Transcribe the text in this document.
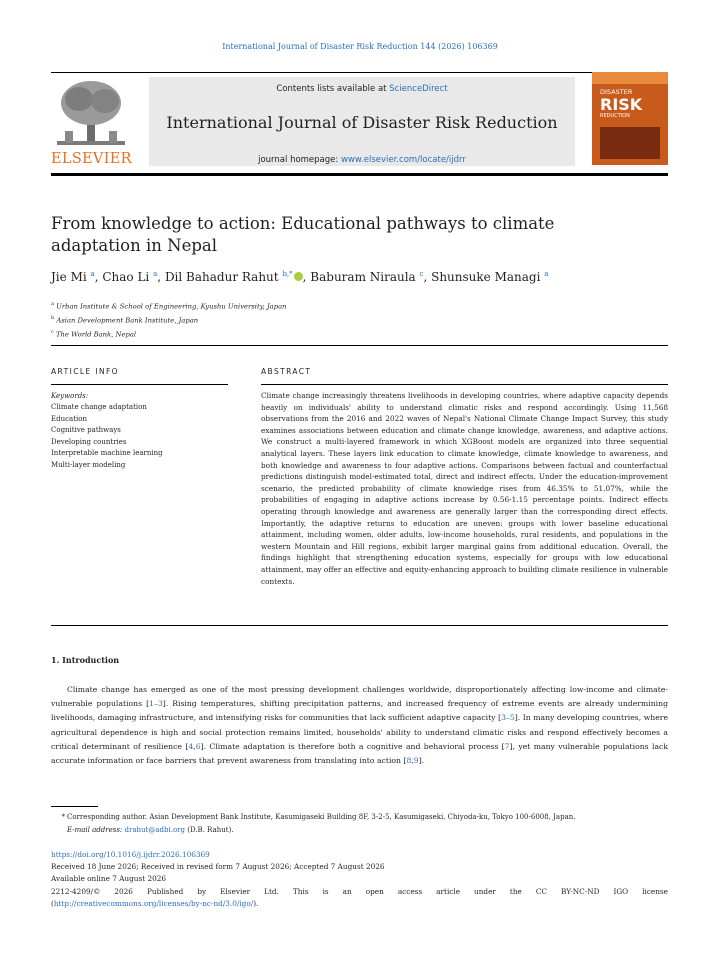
International Journal of Disaster Risk Reduction 144 (2026) 106369
ELSEVIER
Contents lists available at ScienceDirect
International Journal of Disaster Risk Reduction
journal homepage: www.elsevier.com/locate/ijdrr
DISASTER
RISK
REDUCTION
From knowledge to action: Educational pathways to climate adaptation in Nepal
Jie Mi $^a$, Chao Li $^a$, Dil Bahadur Rahut $^{b,*}$ , Baburam Niraula $^c$, Shunsuke Managi $^a$
$^a$ Urban Institute & School of Engineering, Kyushu University, Japan
$^b$ Asian Development Bank Institute, Japan
$^c$ The World Bank, Nepal
ARTICLE INFO	ABSTRACT
Keywords:
Climate change adaptation
Education
Cognitive pathways
Developing countries
Interpretable machine learning
Multi-layer modeling

Climate change increasingly threatens livelihoods in developing countries, where adaptive capacity depends heavily on individuals' ability to understand climatic risks and respond accordingly. Using 11,568 observations from the 2016 and 2022 waves of Nepal's National Climate Change Impact Survey, this study examines associations between education and climate change knowledge, awareness, and adaptive actions. We construct a multi-layered framework in which XGBoost models are organized into three sequential analytical layers. These layers link education to climate knowledge, climate knowledge to awareness, and both knowledge and awareness to four adaptive actions. Comparisons between factual and counterfactual predictions distinguish model-estimated total, direct and indirect effects. Under the education-improvement scenario, the predicted probability of climate knowledge rises from 46.35% to 51.07%, while the probabilities of engaging in adaptive actions increase by 0.56-1.15 percentage points. Indirect effects operating through knowledge and awareness are generally larger than the corresponding direct effects. Importantly, the adaptive returns to education are uneven: groups with lower baseline educational attainment, including women, older adults, low-income households, rural residents, and populations in the western Mountain and Hill regions, exhibit larger marginal gains from additional education. Overall, the findings highlight that strengthening education systems, especially for groups with low educational attainment, may offer an effective and equity-enhancing approach to building climate resilience in vulnerable contexts.

1. Introduction

Climate change has emerged as one of the most pressing development challenges worldwide, disproportionately affecting low-income and climate-vulnerable populations [1–3]. Rising temperatures, shifting precipitation patterns, and increased frequency of extreme events are already undermining livelihoods, damaging infrastructure, and intensifying risks for communities that lack sufficient adaptive capacity [3–5]. In many developing countries, where agricultural dependence is high and social protection remains limited, households' ability to understand climatic risks and respond effectively becomes a critical determinant of resilience [4,6]. Climate adaptation is therefore both a cognitive and behavioral process [7], yet many vulnerable populations lack accurate information or face barriers that prevent awareness from translating into action [8,9].

* Corresponding author. Asian Development Bank Institute, Kasumigaseki Building 8F, 3-2-5, Kasumigaseki, Chiyoda-ku, Tokyo 100-6008, Japan.
E-mail address: drahut@adbi.org (D.B. Rahut).
https://doi.org/10.1016/j.ijdrr.2026.106369
Received 18 June 2026; Received in revised form 7 August 2026; Accepted 7 August 2026
Available online 7 August 2026
2212-4209/© 2026 Published by Elsevier Ltd. This is an open access article under the CC BY-NC-ND IGO license
(http://creativecommons.org/licenses/by-nc-nd/3.0/igo/).
